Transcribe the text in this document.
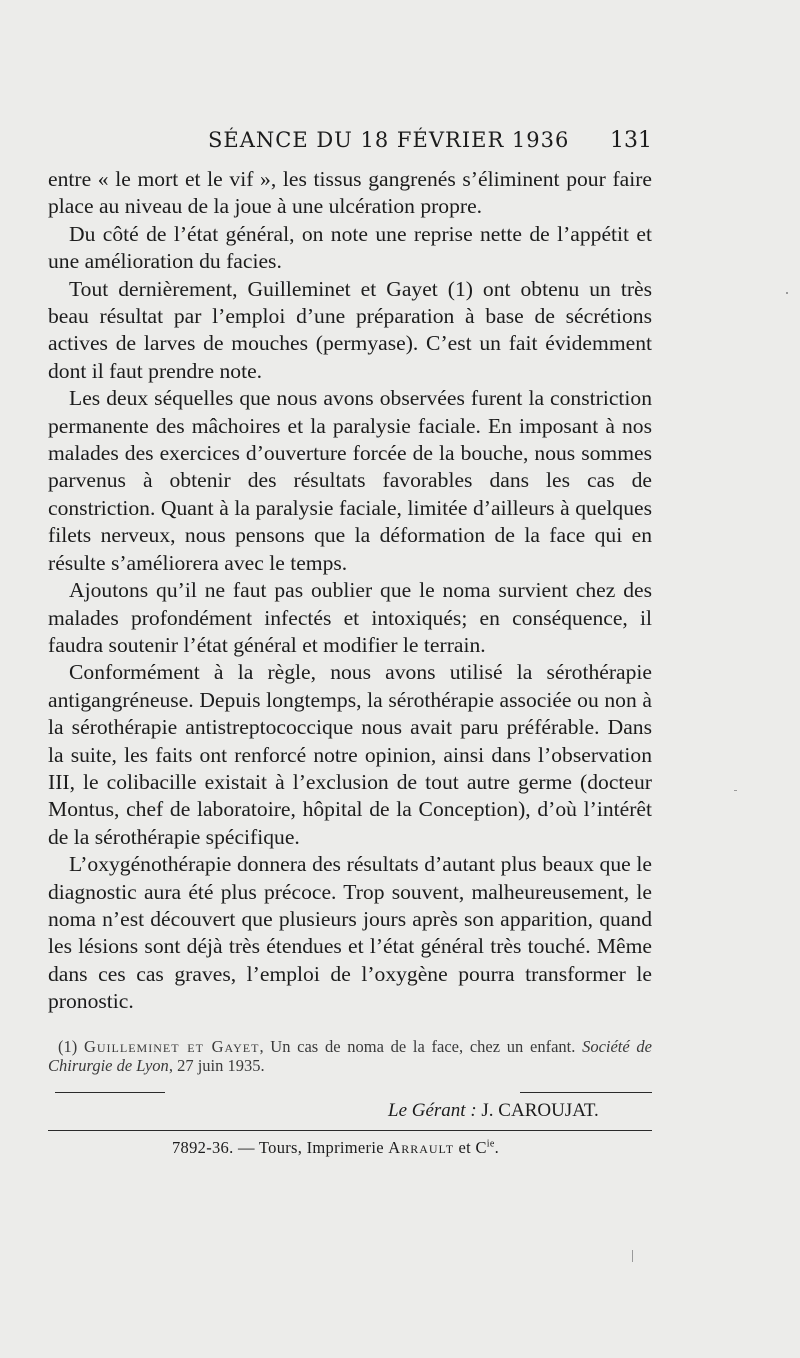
SÉANCE DU 18 FÉVRIER 1936 131

entre « le mort et le vif », les tissus gangrenés s’éliminent pour faire place au niveau de la joue à une ulcération propre.

Du côté de l’état général, on note une reprise nette de l’appétit et une amélioration du facies.

Tout dernièrement, Guilleminet et Gayet (1) ont obtenu un très beau résultat par l’emploi d’une préparation à base de sécrétions actives de larves de mouches (permyase). C’est un fait évidemment dont il faut prendre note.

Les deux séquelles que nous avons observées furent la constriction permanente des mâchoires et la paralysie faciale. En imposant à nos malades des exercices d’ouverture forcée de la bouche, nous sommes parvenus à obtenir des résultats favorables dans les cas de constriction. Quant à la paralysie faciale, limitée d’ailleurs à quelques filets nerveux, nous pensons que la déformation de la face qui en résulte s’améliorera avec le temps.

Ajoutons qu’il ne faut pas oublier que le noma survient chez des malades profondément infectés et intoxiqués; en conséquence, il faudra soutenir l’état général et modifier le terrain.

Conformément à la règle, nous avons utilisé la sérothérapie antigangréneuse. Depuis longtemps, la sérothérapie associée ou non à la sérothérapie antistreptococcique nous avait paru préférable. Dans la suite, les faits ont renforcé notre opinion, ainsi dans l’observation III, le colibacille existait à l’exclusion de tout autre germe (docteur Montus, chef de laboratoire, hôpital de la Conception), d’où l’intérêt de la sérothérapie spécifique.

L’oxygénothérapie donnera des résultats d’autant plus beaux que le diagnostic aura été plus précoce. Trop souvent, malheureusement, le noma n’est découvert que plusieurs jours après son apparition, quand les lésions sont déjà très étendues et l’état général très touché. Même dans ces cas graves, l’emploi de l’oxygène pourra transformer le pronostic.

(1) Guilleminet et Gayet, Un cas de noma de la face, chez un enfant. Société de Chirurgie de Lyon, 27 juin 1935.

Le Gérant : J. CAROUJAT.
7892-36. — Tours, Imprimerie Arrault et $C^{ie}$.
